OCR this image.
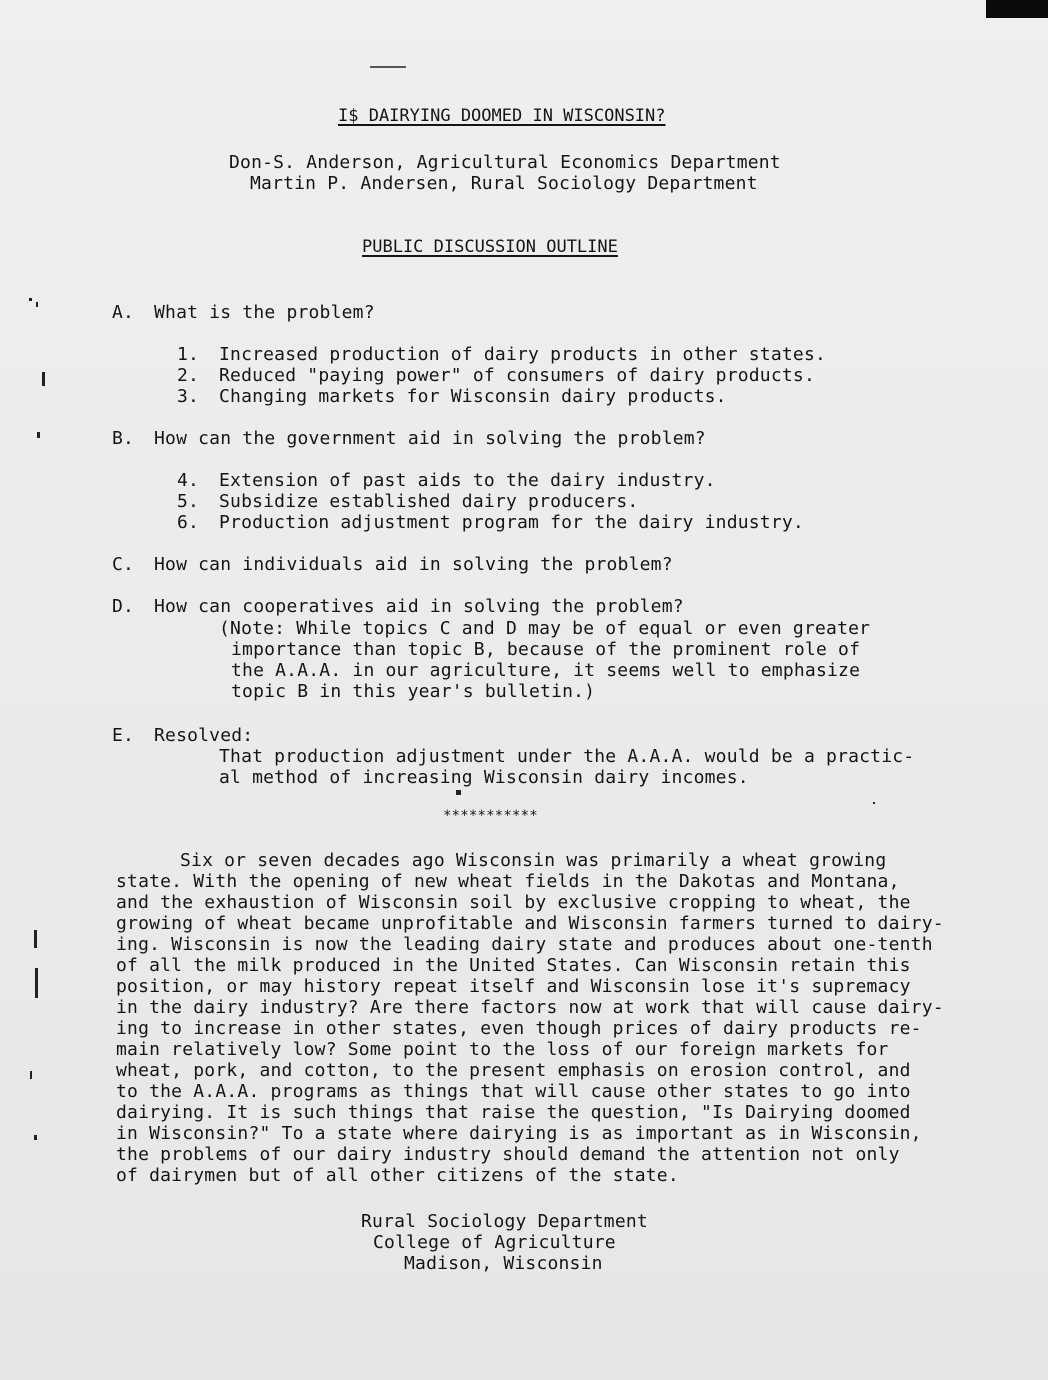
I$ DAIRYING DOOMED IN WISCONSIN?
Don-S. Anderson, Agricultural Economics Department
Martin P. Andersen, Rural Sociology Department
PUBLIC DISCUSSION OUTLINE
A. What is the problem?
1. Increased production of dairy products in other states.
2. Reduced "paying power" of consumers of dairy products.
3. Changing markets for Wisconsin dairy products.
B. How can the government aid in solving the problem?
4. Extension of past aids to the dairy industry.
5. Subsidize established dairy producers.
6. Production adjustment program for the dairy industry.
C. How can individuals aid in solving the problem?
D. How can cooperatives aid in solving the problem?
(Note: While topics C and D may be of equal or even greater
importance than topic B, because of the prominent role of
the A.A.A. in our agriculture, it seems well to emphasize
topic B in this year's bulletin.)
E. Resolved:
That production adjustment under the A.A.A. would be a practic-
al method of increasing Wisconsin dairy incomes.
***********
Six or seven decades ago Wisconsin was primarily a wheat growing
state. With the opening of new wheat fields in the Dakotas and Montana,
and the exhaustion of Wisconsin soil by exclusive cropping to wheat, the
growing of wheat became unprofitable and Wisconsin farmers turned to dairy-
ing. Wisconsin is now the leading dairy state and produces about one-tenth
of all the milk produced in the United States. Can Wisconsin retain this
position, or may history repeat itself and Wisconsin lose it's supremacy
in the dairy industry? Are there factors now at work that will cause dairy-
ing to increase in other states, even though prices of dairy products re-
main relatively low? Some point to the loss of our foreign markets for
wheat, pork, and cotton, to the present emphasis on erosion control, and
to the A.A.A. programs as things that will cause other states to go into
dairying. It is such things that raise the question, "Is Dairying doomed
in Wisconsin?" To a state where dairying is as important as in Wisconsin,
the problems of our dairy industry should demand the attention not only
of dairymen but of all other citizens of the state.
Rural Sociology Department
College of Agriculture
Madison, Wisconsin
